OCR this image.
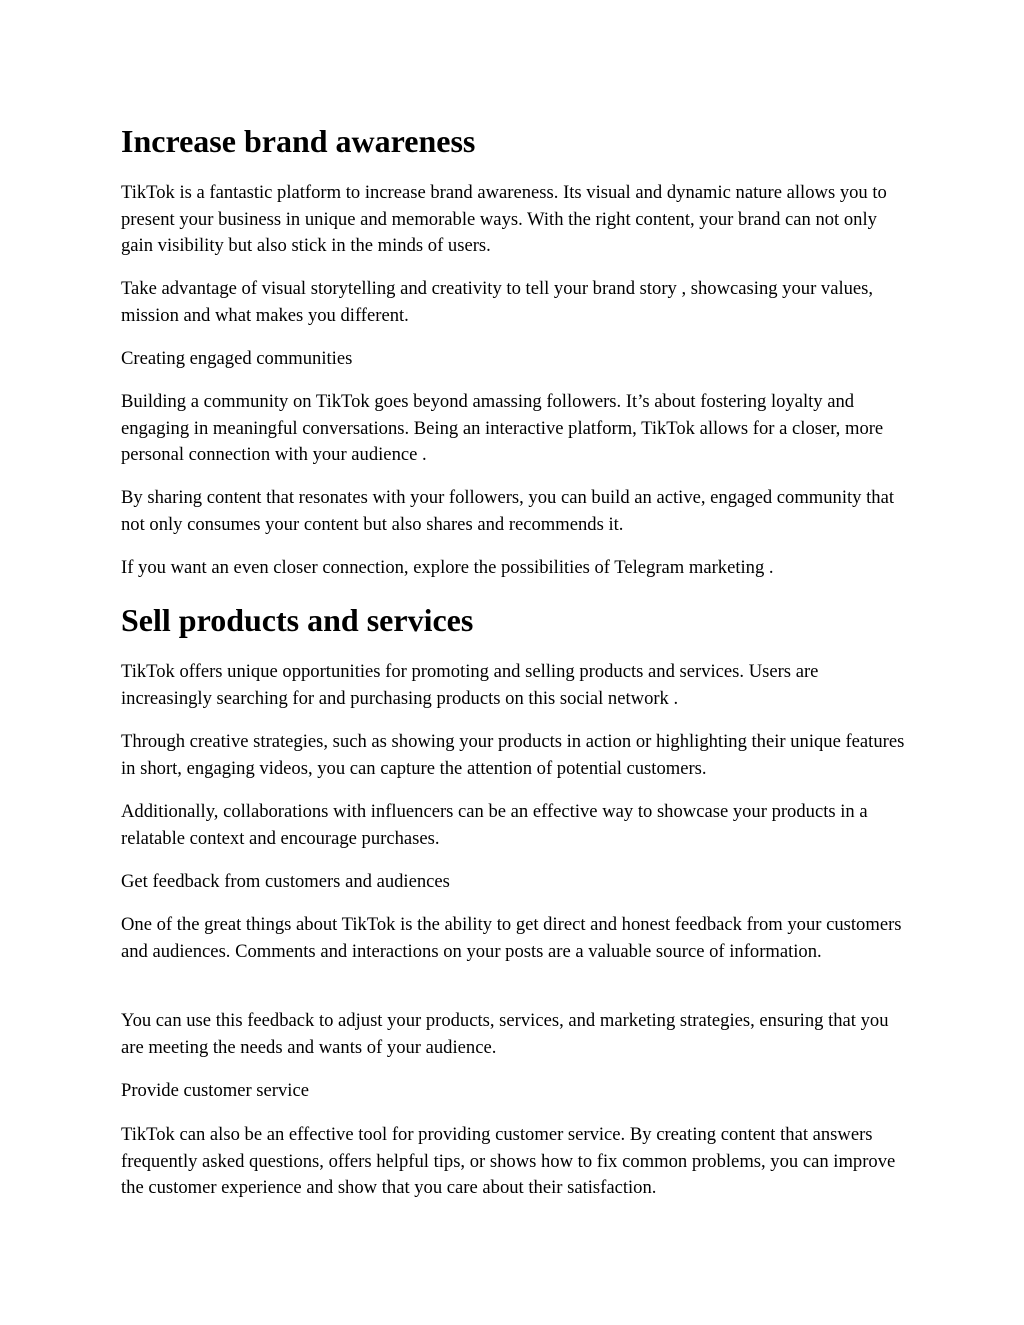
Increase brand awareness

TikTok is a fantastic platform to increase brand awareness. Its visual and dynamic nature allows you to present your business in unique and memorable ways. With the right content, your brand can not only gain visibility but also stick in the minds of users.

Take advantage of visual storytelling and creativity to tell your brand story , showcasing your values, mission and what makes you different.

Creating engaged communities

Building a community on TikTok goes beyond amassing followers. It’s about fostering loyalty and engaging in meaningful conversations. Being an interactive platform, TikTok allows for a closer, more personal connection with your audience .

By sharing content that resonates with your followers, you can build an active, engaged community that not only consumes your content but also shares and recommends it.

If you want an even closer connection, explore the possibilities of Telegram marketing .

Sell products and services

TikTok offers unique opportunities for promoting and selling products and services. Users are increasingly searching for and purchasing products on this social network .

Through creative strategies, such as showing your products in action or highlighting their unique features in short, engaging videos, you can capture the attention of potential customers.

Additionally, collaborations with influencers can be an effective way to showcase your products in a relatable context and encourage purchases.

Get feedback from customers and audiences

One of the great things about TikTok is the ability to get direct and honest feedback from your customers and audiences. Comments and interactions on your posts are a valuable source of information.

You can use this feedback to adjust your products, services, and marketing strategies, ensuring that you are meeting the needs and wants of your audience.

Provide customer service

TikTok can also be an effective tool for providing customer service. By creating content that answers frequently asked questions, offers helpful tips, or shows how to fix common problems, you can improve the customer experience and show that you care about their satisfaction.
